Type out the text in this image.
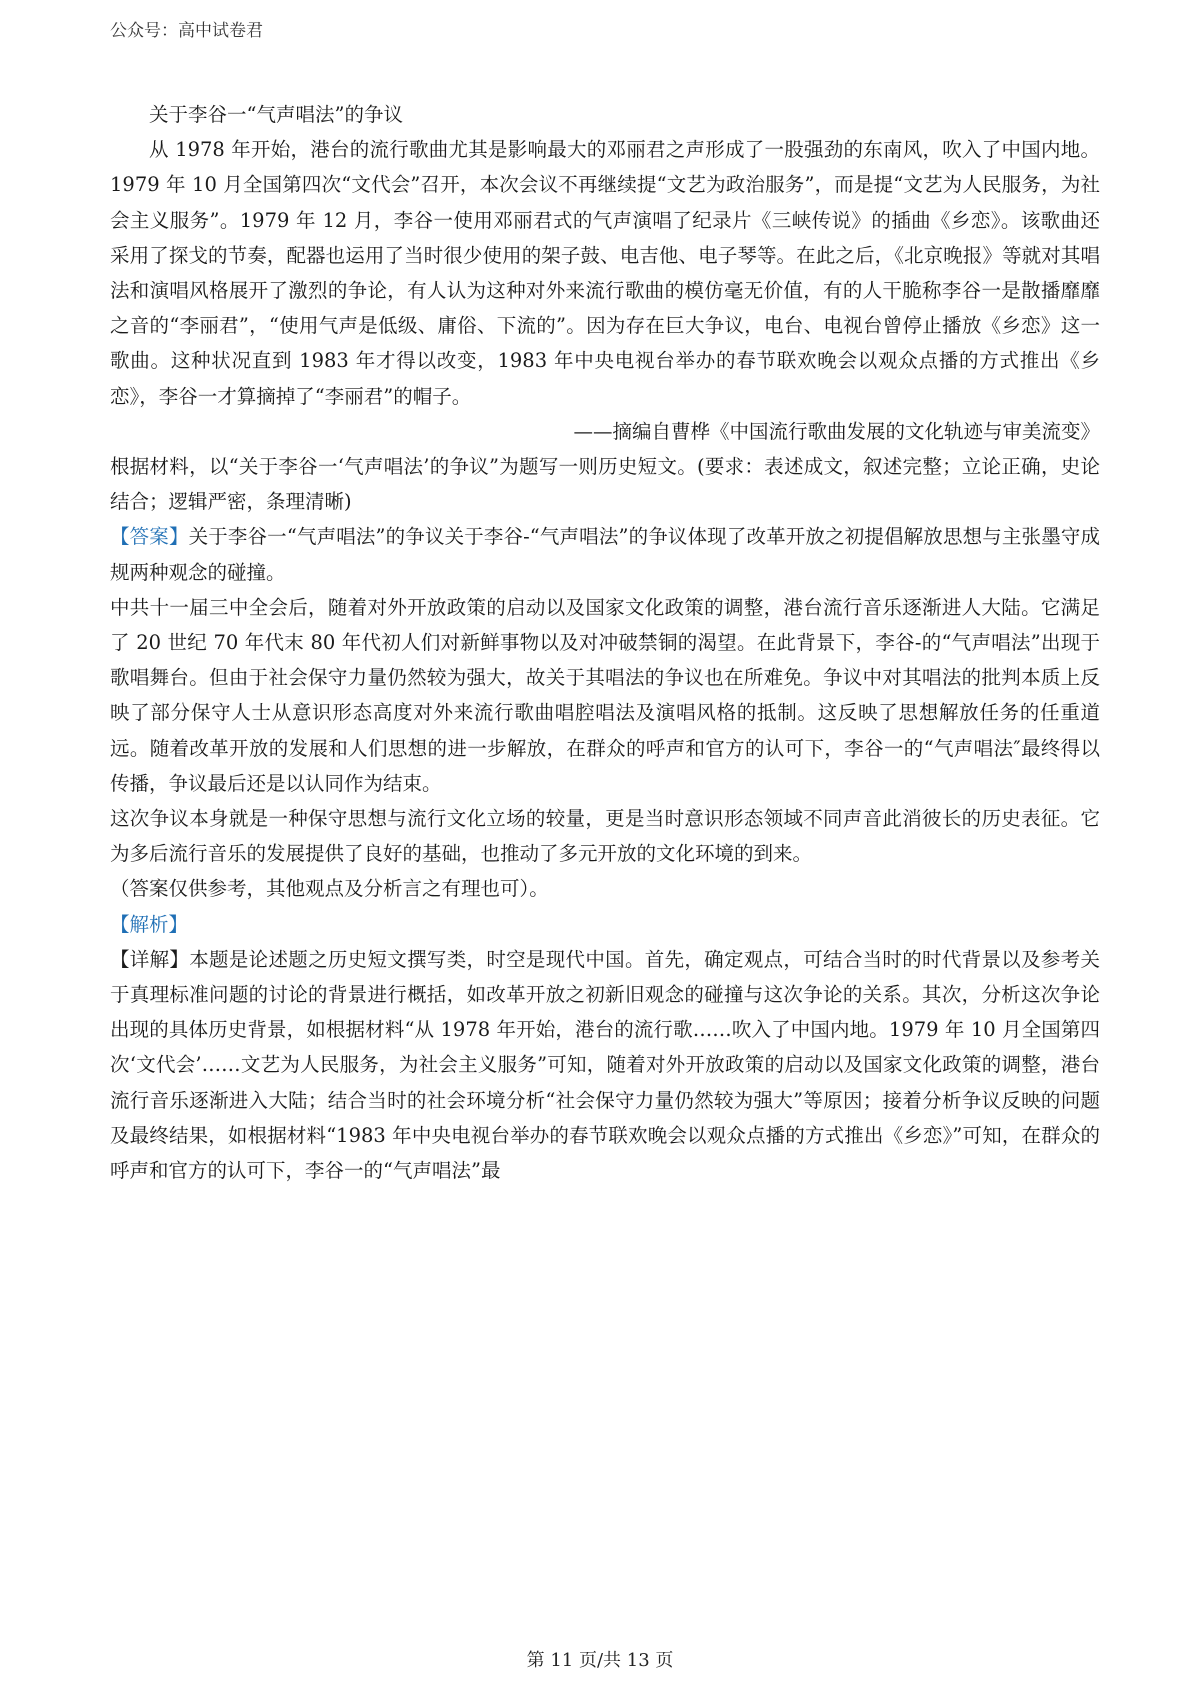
公众号：高中试卷君

关于李谷一“气声唱法”的争议

从 1978 年开始，港台的流行歌曲尤其是影响最大的邓丽君之声形成了一股强劲的东南风，吹入了中国内地。1979 年 10 月全国第四次“文代会”召开，本次会议不再继续提“文艺为政治服务”，而是提“文艺为人民服务，为社会主义服务”。1979 年 12 月，李谷一使用邓丽君式的气声演唱了纪录片《三峡传说》的插曲《乡恋》。该歌曲还采用了探戈的节奏，配器也运用了当时很少使用的架子鼓、电吉他、电子琴等。在此之后，《北京晚报》等就对其唱法和演唱风格展开了激烈的争论，有人认为这种对外来流行歌曲的模仿毫无价值，有的人干脆称李谷一是散播靡靡之音的“李丽君”，“使用气声是低级、庸俗、下流的”。因为存在巨大争议，电台、电视台曾停止播放《乡恋》这一歌曲。这种状况直到 1983 年才得以改变，1983 年中央电视台举办的春节联欢晚会以观众点播的方式推出《乡恋》，李谷一才算摘掉了“李丽君”的帽子。

——摘编自曹桦《中国流行歌曲发展的文化轨迹与审美流变》

根据材料，以“关于李谷一‘气声唱法’的争议”为题写一则历史短文。(要求：表述成文，叙述完整；立论正确，史论结合；逻辑严密，条理清晰)

【答案】关于李谷一“气声唱法”的争议关于李谷-“气声唱法”的争议体现了改革开放之初提倡解放思想与主张墨守成规两种观念的碰撞。

中共十一届三中全会后，随着对外开放政策的启动以及国家文化政策的调整，港台流行音乐逐渐进人大陆。它满足了 20 世纪 70 年代末 80 年代初人们对新鲜事物以及对冲破禁铜的渴望。在此背景下，李谷-的“气声唱法”出现于歌唱舞台。但由于社会保守力量仍然较为强大，故关于其唱法的争议也在所难免。争议中对其唱法的批判本质上反映了部分保守人士从意识形态高度对外来流行歌曲唱腔唱法及演唱风格的抵制。这反映了思想解放任务的任重道远。随着改革开放的发展和人们思想的进一步解放，在群众的呼声和官方的认可下，李谷一的“气声唱法″最终得以传播，争议最后还是以认同作为结束。

这次争议本身就是一种保守思想与流行文化立场的较量，更是当时意识形态领域不同声音此消彼长的历史表征。它为多后流行音乐的发展提供了良好的基础，也推动了多元开放的文化环境的到来。

（答案仅供参考，其他观点及分析言之有理也可）。

【解析】

【详解】本题是论述题之历史短文撰写类，时空是现代中国。首先，确定观点，可结合当时的时代背景以及参考关于真理标准问题的讨论的背景进行概括，如改革开放之初新旧观念的碰撞与这次争论的关系。其次，分析这次争论出现的具体历史背景，如根据材料“从 1978 年开始，港台的流行歌……吹入了中国内地。1979 年 10 月全国第四次‘文代会’……文艺为人民服务，为社会主义服务”可知，随着对外开放政策的启动以及国家文化政策的调整，港台流行音乐逐渐进入大陆；结合当时的社会环境分析“社会保守力量仍然较为强大”等原因；接着分析争议反映的问题及最终结果，如根据材料“1983 年中央电视台举办的春节联欢晚会以观众点播的方式推出《乡恋》”可知，在群众的呼声和官方的认可下，李谷一的“气声唱法”最

第 11 页/共 13 页
